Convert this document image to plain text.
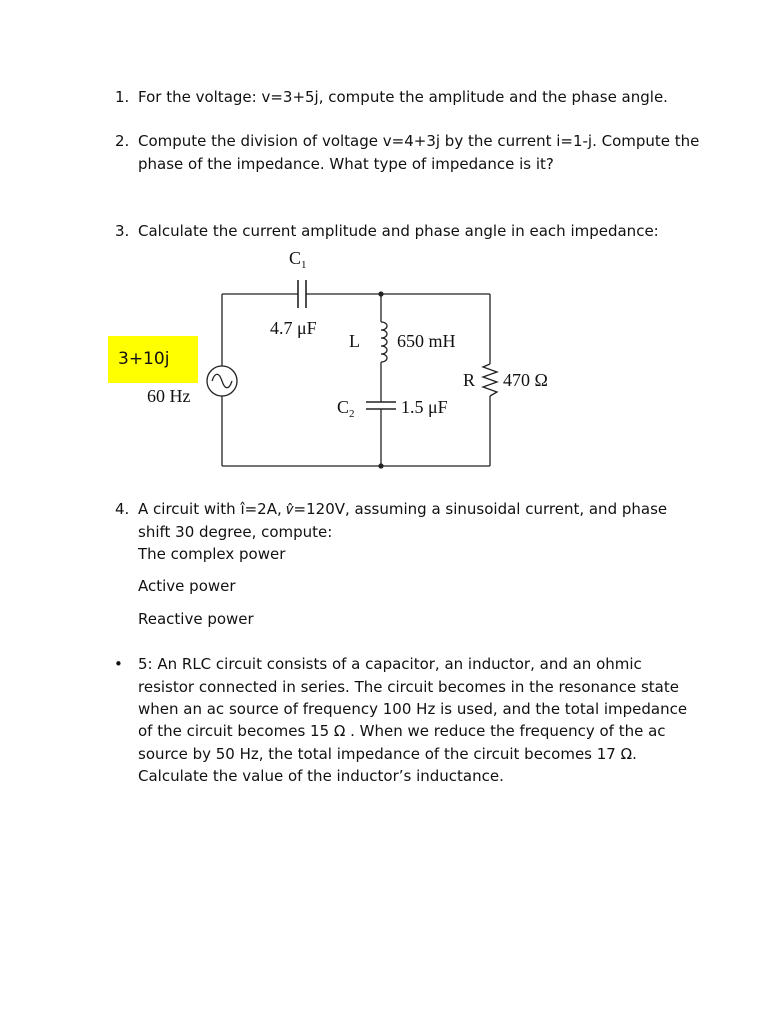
1. For the voltage: v=3+5j, compute the amplitude and the phase angle.
2. Compute the division of voltage v=4+3j by the current i=1-j. Compute the
phase of the impedance. What type of impedance is it?
3. Calculate the current amplitude and phase angle in each impedance:
3+10j
$C_1$
4.7 μF
L 650 mH
60 Hz
R 470 Ω
$C_2$	1.5 μF
4. A circuit with î=2A, 𝑣̂=120V, assuming a sinusoidal current, and phase
shift 30 degree, compute:
The complex power
Active power
Reactive power
• 5: An RLC circuit consists of a capacitor, an inductor, and an ohmic
resistor connected in series. The circuit becomes in the resonance state
when an ac source of frequency 100 Hz is used, and the total impedance
of the circuit becomes 15 Ω . When we reduce the frequency of the ac
source by 50 Hz, the total impedance of the circuit becomes 17 Ω.
Calculate the value of the inductor’s inductance.
